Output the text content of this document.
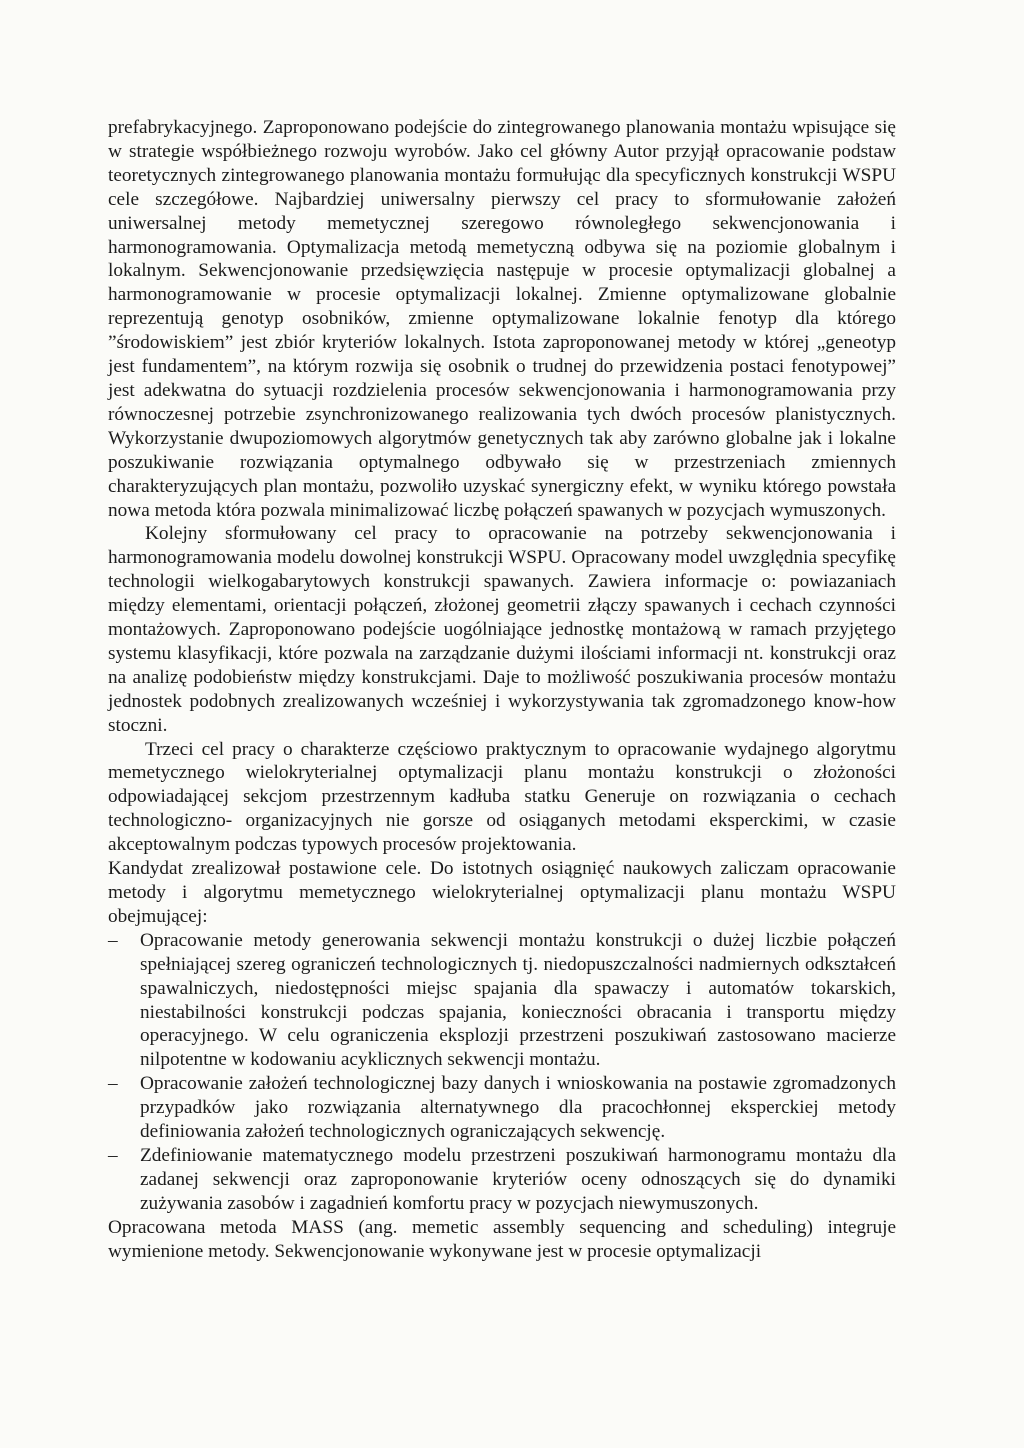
prefabrykacyjnego. Zaproponowano podejście do zintegrowanego planowania montażu wpisujące się w strategie współbieżnego rozwoju wyrobów. Jako cel główny Autor przyjął opracowanie podstaw teoretycznych zintegrowanego planowania montażu formułując dla specyficznych konstrukcji WSPU cele szczegółowe. Najbardziej uniwersalny pierwszy cel pracy to sformułowanie założeń uniwersalnej metody memetycznej szeregowo równoległego sekwencjonowania i harmonogramowania. Optymalizacja metodą memetyczną odbywa się na poziomie globalnym i lokalnym. Sekwencjonowanie przedsięwzięcia następuje w procesie optymalizacji globalnej a harmonogramowanie w procesie optymalizacji lokalnej. Zmienne optymalizowane globalnie reprezentują genotyp osobników, zmienne optymalizowane lokalnie fenotyp dla którego ”środowiskiem” jest zbiór kryteriów lokalnych. Istota zaproponowanej metody w której „geneotyp jest fundamentem”, na którym rozwija się osobnik o trudnej do przewidzenia postaci fenotypowej” jest adekwatna do sytuacji rozdzielenia procesów sekwencjonowania i harmonogramowania przy równoczesnej potrzebie zsynchronizowanego realizowania tych dwóch procesów planistycznych. Wykorzystanie dwupoziomowych algorytmów genetycznych tak aby zarówno globalne jak i lokalne poszukiwanie rozwiązania optymalnego odbywało się w przestrzeniach zmiennych charakteryzujących plan montażu, pozwoliło uzyskać synergiczny efekt, w wyniku którego powstała nowa metoda która pozwala minimalizować liczbę połączeń spawanych w pozycjach wymuszonych.

Kolejny sformułowany cel pracy to opracowanie na potrzeby sekwencjonowania i harmonogramowania modelu dowolnej konstrukcji WSPU. Opracowany model uwzględnia specyfikę technologii wielkogabarytowych konstrukcji spawanych. Zawiera informacje o: powiazaniach między elementami, orientacji połączeń, złożonej geometrii złączy spawanych i cechach czynności montażowych. Zaproponowano podejście uogólniające jednostkę montażową w ramach przyjętego systemu klasyfikacji, które pozwala na zarządzanie dużymi ilościami informacji nt. konstrukcji oraz na analizę podobieństw między konstrukcjami. Daje to możliwość poszukiwania procesów montażu jednostek podobnych zrealizowanych wcześniej i wykorzystywania tak zgromadzonego know-how stoczni.

Trzeci cel pracy o charakterze częściowo praktycznym to opracowanie wydajnego algorytmu memetycznego wielokryterialnej optymalizacji planu montażu konstrukcji o złożoności odpowiadającej sekcjom przestrzennym kadłuba statku Generuje on rozwiązania o cechach technologiczno- organizacyjnych nie gorsze od osiąganych metodami eksperckimi, w czasie akceptowalnym podczas typowych procesów projektowania.

Kandydat zrealizował postawione cele. Do istotnych osiągnięć naukowych zaliczam opracowanie metody i algorytmu memetycznego wielokryterialnej optymalizacji planu montażu WSPU obejmującej:

– Opracowanie metody generowania sekwencji montażu konstrukcji o dużej liczbie połączeń spełniającej szereg ograniczeń technologicznych tj. niedopuszczalności nadmiernych odkształceń spawalniczych, niedostępności miejsc spajania dla spawaczy i automatów tokarskich, niestabilności konstrukcji podczas spajania, konieczności obracania i transportu między operacyjnego. W celu ograniczenia eksplozji przestrzeni poszukiwań zastosowano macierze nilpotentne w kodowaniu acyklicznych sekwencji montażu.
– Opracowanie założeń technologicznej bazy danych i wnioskowania na postawie zgromadzonych przypadków jako rozwiązania alternatywnego dla pracochłonnej eksperckiej metody definiowania założeń technologicznych ograniczających sekwencję.
– Zdefiniowanie matematycznego modelu przestrzeni poszukiwań harmonogramu montażu dla zadanej sekwencji oraz zaproponowanie kryteriów oceny odnoszących się do dynamiki zużywania zasobów i zagadnień komfortu pracy w pozycjach niewymuszonych.

Opracowana metoda MASS (ang. memetic assembly sequencing and scheduling) integruje wymienione metody. Sekwencjonowanie wykonywane jest w procesie optymalizacji
